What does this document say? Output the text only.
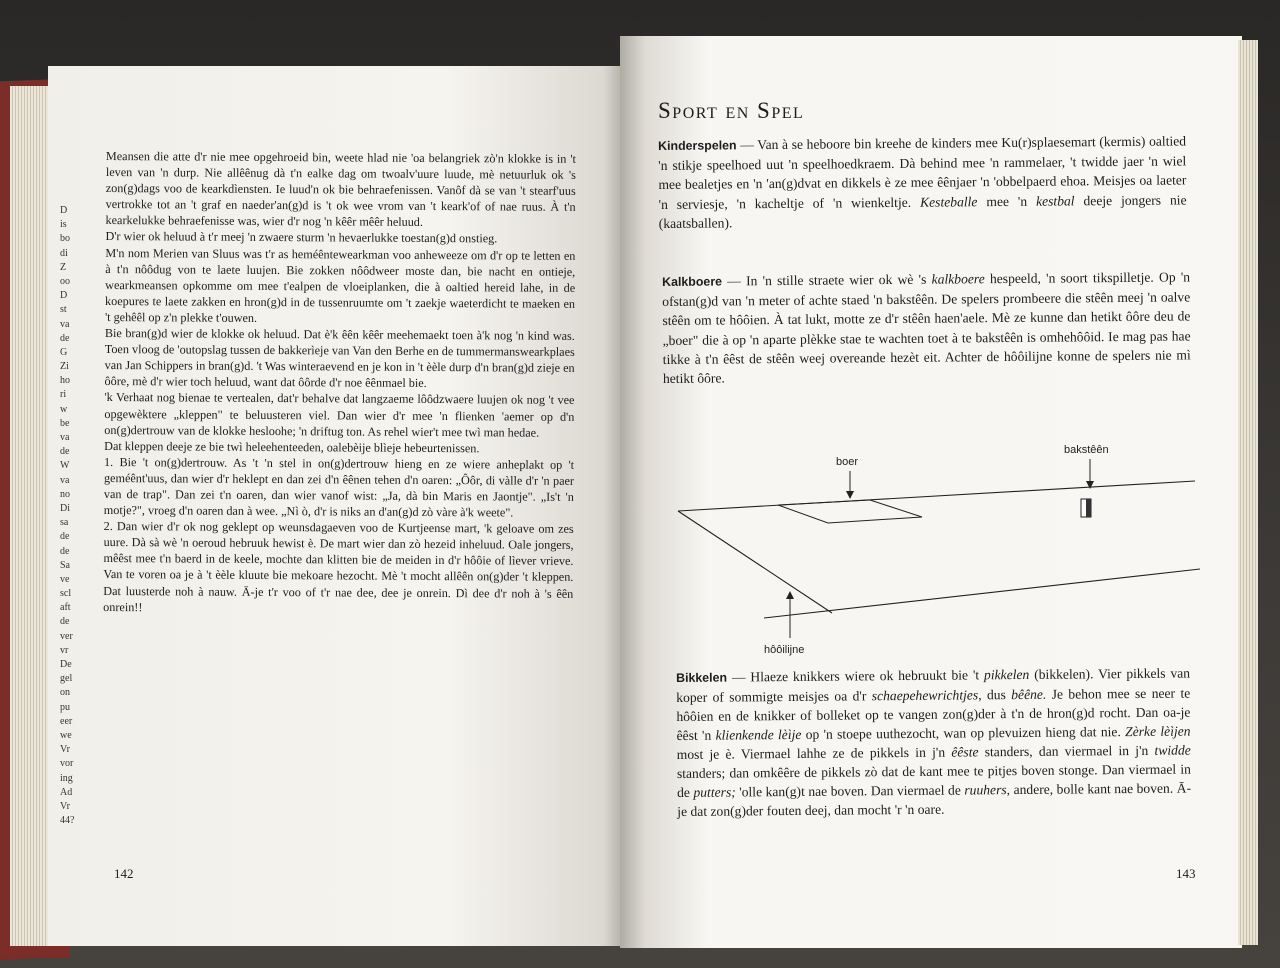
D
is
bo
di
Z
oo
D
st
va
de
G
Zi
ho
ri
w
be
va
de
W
va
no
Di
sa
de
de
Sa
ve
scl
aft
de
ver
vr
De
gel
on
pu
eer
we
Vr
vor
ing
Ad
Vr
44?

Meansen die atte d'r nie mee opgehroeid bin, weete hlad nie 'oa belangriek zò'n klokke is in 't leven van 'n durp. Nie allêênug dà t'n ealke dag om twoalv'uure luude, mè netuurluk ok 's zon(g)dags voo de kearkdìensten. Ie luud'n ok bie behraefenissen. Vanôf dà se van 't stearf'uus vertrokke tot an 't graf en naeder'an(g)d is 't ok wee vrom van 't keark'of of nae ruus. À t'n kearkelukke behraefenisse was, wier d'r nog 'n kêêr mêêr heluud.

D'r wier ok heluud à t'r meej 'n zwaere sturm 'n hevaerlukke toestan(g)d onstieg.

M'n nom Merien van Sluus was t'r as heméêntewearkman voo anheweeze om d'r op te letten en à t'n nôôdug von te laete luujen. Bie zokken nôôdweer moste dan, bie nacht en ontieje, wearkmeansen opkomme om mee t'ealpen de vloeiplanken, die à oaltied hereid lahe, in de koepures te laete zakken en hron(g)d in de tussenruumte om 't zaekje waeterdicht te maeken en 't gehêêl op z'n plekke t'ouwen.

Bie bran(g)d wier de klokke ok heluud. Dat è'k êên kêêr meehemaekt toen à'k nog 'n kind was. Toen vloog de 'outopslag tussen de bakkerìeje van Van den Berhe en de tummermanswearkplaes van Jan Schippers in bran(g)d. 't Was winteraevend en je kon in 't èèle durp d'n bran(g)d zieje en ôôre, mè d'r wier toch heluud, want dat ôôrde d'r noe êênmael bie.

'k Verhaat nog bienae te vertealen, dat'r behalve dat langzaeme lôôdzwaere luujen ok nog 't vee opgewèktere „kleppen" te beluusteren viel. Dan wier d'r mee 'n flienken 'aemer op d'n on(g)dertrouw van de klokke hesloohe; 'n driftug ton. As rehel wier't mee twì man hedae.

Dat kleppen deeje ze bie twì heleehenteeden, oalebèije blìeje hebeurtenissen.

1. Bie 't on(g)dertrouw. As 't 'n stel in on(g)dertrouw hieng en ze wiere anheplakt op 't geméênt'uus, dan wier d'r heklept en dan zei d'n êênen tehen d'n oaren: „Ôôr, di vàlle d'r 'n paer van de trap". Dan zei t'n oaren, dan wier vanof wist: „Ja, dà bin Maris en Jaontje". „Is't 'n motje?", vroeg d'n oaren dan à wee. „Nì ò, d'r is niks an d'an(g)d zò vàre à'k weete".

2. Dan wier d'r ok nog geklept op weunsdagaeven voo de Kurtjeense mart, 'k geloave om zes uure. Dà sà wè 'n oeroud hebruuk hewist è. De mart wier dan zò hezeid inheluud. Oale jongers, mêêst mee t'n baerd in de keele, mochte dan klitten bie de meiden in d'r hôôie of lìever vrieve. Van te voren oa je à 't èèle kluute bie mekoare hezocht. Mè 't mocht allêên on(g)der 't kleppen. Dat luusterde noh à nauw. Ā-je t'r voo of t'r nae dee, dee je onrein. Dì dee d'r noh à 's êên onrein!!

142
Sport en Spel

Kinderspelen — Van à se heboore bin kreehe de kinders mee Ku(r)splaesemart (kermis) oaltied 'n stikje speelhoed uut 'n speelhoedkraem. Dà behind mee 'n rammelaer, 't twidde jaer 'n wiel mee bealetjes en 'n 'an(g)dvat en dikkels è ze mee êênjaer 'n 'obbelpaerd ehoa. Meisjes oa laeter 'n serviesje, 'n kacheltje of 'n wienkeltje. Kesteballe mee 'n kestbal deeje jongers nie (kaatsballen).

Kalkboere — In 'n stille straete wier ok wè 's kalkboere hespeeld, 'n soort tikspilletje. Op 'n ofstan(g)d van 'n meter of achte staed 'n bakstêên. De spelers prombeere die stêên meej 'n oalve stêên om te hôôien. À tat lukt, motte ze d'r stêên haen'aele. Mè ze kunne dan hetikt ôôre deu de „boer" die à op 'n aparte plèkke stae te wachten toet à te bakstêên is omhehôôid. Ie mag pas hae tikke à t'n êêst de stêên weej overeande hezèt eit. Achter de hôôilijne konne de spelers nie mì hetikt ôôre.

boer
bakstêên
hôôilijne

Bikkelen — Hlaeze knikkers wiere ok hebruukt bie 't pikkelen (bikkelen). Vier pikkels van koper of sommigte meisjes oa d'r schaepehewrichtjes, dus bêêne. Je behon mee se neer te hôôien en de knikker of bolleket op te vangen zon(g)der à t'n de hron(g)d rocht. Dan oa-je êêst 'n klienkende lèìje op 'n stoepe uuthezocht, wan op plevuizen hieng dat nie. Zèrke lèìjen most je è. Viermael lahhe ze de pikkels in j'n êêste standers, dan viermael in j'n twidde standers; dan omkêêre de pikkels zò dat de kant mee te pitjes boven stonge. Dan viermael in de putters; 'olle kan(g)t nae boven. Dan viermael de ruuhers, andere, bolle kant nae boven. Ā-je dat zon(g)der fouten deej, dan mocht 'r 'n oare.

143
